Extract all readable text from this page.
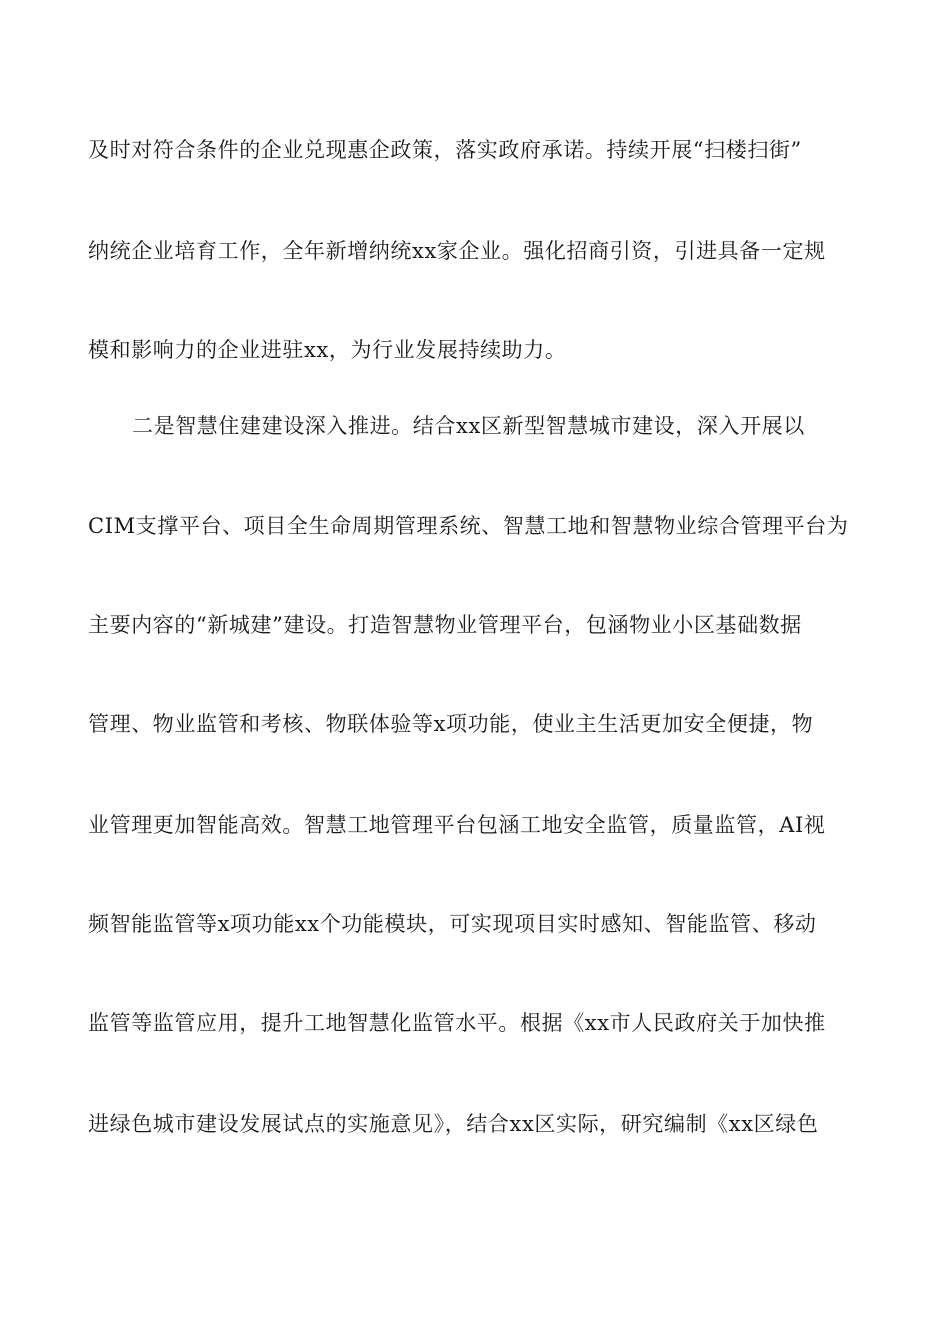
及时对符合条件的企业兑现惠企政策，落实政府承诺。持续开展“扫楼扫街”
纳统企业培育工作，全年新增纳统xx家企业。强化招商引资，引进具备一定规
模和影响力的企业进驻xx，为行业发展持续助力。
二是智慧住建建设深入推进。结合xx区新型智慧城市建设，深入开展以
CIM支撑平台、项目全生命周期管理系统、智慧工地和智慧物业综合管理平台为
主要内容的“新城建”建设。打造智慧物业管理平台，包涵物业小区基础数据
管理、物业监管和考核、物联体验等x项功能，使业主生活更加安全便捷，物
业管理更加智能高效。智慧工地管理平台包涵工地安全监管，质量监管，AI视
频智能监管等x项功能xx个功能模块，可实现项目实时感知、智能监管、移动
监管等监管应用，提升工地智慧化监管水平。根据《xx市人民政府关于加快推
进绿色城市建设发展试点的实施意见》，结合xx区实际，研究编制《xx区绿色
